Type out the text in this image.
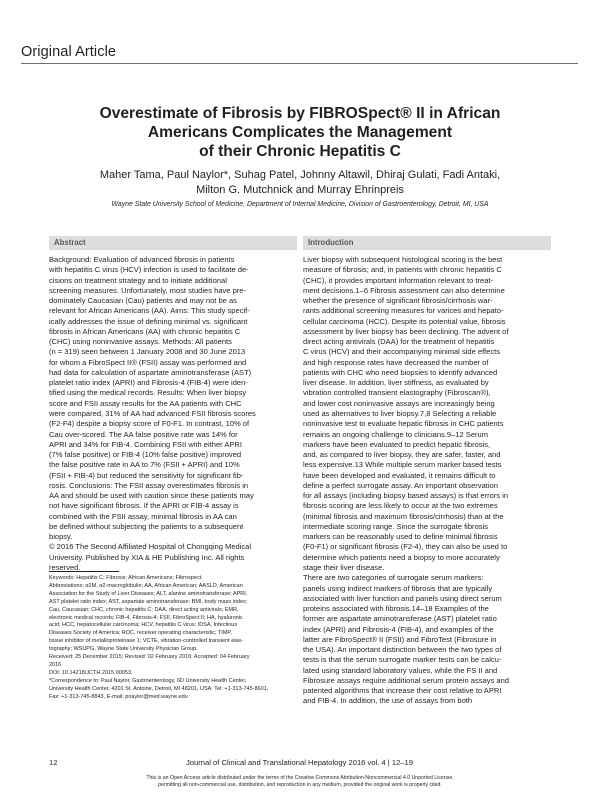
Original Article
Overestimate of Fibrosis by FIBROSpect® II in African
Americans Complicates the Management
of their Chronic Hepatitis C
Maher Tama, Paul Naylor*, Suhag Patel, Johnny Altawil, Dhiraj Gulati, Fadi Antaki,
Milton G. Mutchnick and Murray Ehrinpreis
Wayne State University School of Medicine, Department of Internal Medicine, Division of Gastroenterology, Detroit, MI, USA
Abstract	Introduction
Background: Evaluation of advanced fibrosis in patients
with hepatitis C virus (HCV) infection is used to facilitate de-
cisions on treatment strategy and to initiate additional
screening measures. Unfortunately, most studies have pre-
dominately Caucasian (Cau) patients and may not be as
relevant for African Americans (AA). Aims: This study specif-
ically addresses the issue of defining minimal vs. significant
fibrosis in African Americans (AA) with chronic hepatitis C
(CHC) using noninvasive assays. Methods: All patients
(n = 319) seen between 1 January 2008 and 30 June 2013
for whom a FibroSpect II® (FSII) assay was performed and
had data for calculation of aspartate aminotransferase (AST)
platelet ratio index (APRI) and Fibrosis-4 (FIB-4) were iden-
tified using the medical records. Results: When liver biopsy
score and FSII assay results for the AA patients with CHC
were compared, 31% of AA had advanced FSII fibrosis scores
(F2-F4) despite a biopsy score of F0-F1. In contrast, 10% of
Cau over-scored. The AA false positive rate was 14% for
APRI and 34% for FIB-4. Combining FSII with either APRI
(7% false positive) or FIB-4 (10% false positive) improved
the false positive rate in AA to 7% (FSII + APRI) and 10%
(FSII + FIB-4) but reduced the sensitivity for significant fib-
rosis. Conclusions: The FSII assay overestimates fibrosis in
AA and should be used with caution since these patients may
not have significant fibrosis. If the APRI or FIB-4 assay is
combined with the FSII assay, minimal fibrosis in AA can
be defined without subjecting the patients to a subsequent
biopsy.
© 2016 The Second Affiliated Hospital of Chongqing Medical
University. Published by XIA & HE Publishing Inc. All rights
reserved.
Liver biopsy with subsequent histological scoring is the best
measure of fibrosis; and, in patients with chronic hepatitis C
(CHC), it provides important information relevant to treat-
ment decisions.1–6 Fibrosis assessment can also determine
whether the presence of significant fibrosis/cirrhosis war-
rants additional screening measures for varices and hepato-
cellular carcinoma (HCC). Despite its potential value, fibrosis
assessment by liver biopsy has been declining. The advent of
direct acting antivirals (DAA) for the treatment of hepatitis
C virus (HCV) and their accompanying minimal side effects
and high response rates have decreased the number of
patients with CHC who need biopsies to identify advanced
liver disease. In addition, liver stiffness, as evaluated by
vibration controlled transient elastography (Fibroscan®),
and lower cost noninvasive assays are increasingly being
used as alternatives to liver biopsy.7,8 Selecting a reliable
noninvasive test to evaluate hepatic fibrosis in CHC patients
remains an ongoing challenge to clinicians.9–12 Serum
markers have been evaluated to predict hepatic fibrosis,
and, as compared to liver biopsy, they are safer, faster, and
less expensive.13 While multiple serum marker based tests
have been developed and evaluated, it remains difficult to
define a perfect surrogate assay. An important observation
for all assays (including biopsy based assays) is that errors in
fibrosis scoring are less likely to occur at the two extremes
(minimal fibrosis and maximum fibrosis/cirrhosis) than at the
intermediate scoring range. Since the surrogate fibrosis
markers can be reasonably used to define minimal fibrosis
(F0-F1) or significant fibrosis (F2-4), they can also be used to
determine which patients need a biopsy to more accurately
stage their liver disease.
There are two categories of surrogate serum markers:
panels using indirect markers of fibrosis that are typically
associated with liver function and panels using direct serum
proteins associated with fibrosis.14–18 Examples of the
former are aspartate aminotransferase (AST) platelet ratio
index (APRI) and Fibrosis-4 (FIB-4), and examples of the
latter are FibroSpect® II (FSII) and FibroTest (Fibrosure in
the USA). An important distinction between the two types of
tests is that the serum surrogate marker tests can be calcu-
lated using standard laboratory values, while the FS II and
Fibrosure assays require additional serum protein assays and
patented algorithms that increase their cost relative to APRI
and FIB-4. In addition, the use of assays from both
Keywords: Hepatitis C; Fibrosis; African Americans; Fibrospect.
Abbreviations: α2M, α2-macroglobulin; AA, African American; AASLD, American
Association for the Study of Liver Diseases; ALT, alanine aminotransferase; APRI,
AST platelet ratio index; AST, aspartate aminotransferase; BMI, body mass index;
Cau, Caucasian; CHC, chronic hepatitis C; DAA, direct acting antivirals; EMR,
electronic medical records; FIB-4, Fibrosis-4; FSII, FibroSpect II; HA, hyaluronic
acid; HCC, hepatocellular carcinoma; HCV, hepatitis C virus; IDSA, Infectious
Diseases Society of America; ROC, receiver operating characteristic; TIMP,
tissue inhibitor of metalloproteinase 1; VCTE, vibration-controlled transient elas-
tography; WSUPG, Wayne State University Physician Group.
Received: 25 December 2015; Revised: 02 February 2016; Accepted: 04 February
2016
DOI: 10.14218/JCTH.2015.00053.
*Correspondence to: Paul Naylor, Gastroenterology, 6D University Health Center,
University Health Center, 4201 St. Antoine, Detroit, MI 48201, USA. Tel: +1-313-745-8601,
Fax: +1-313-745-8843, E-mail: pnaylor@med.wayne.edu
12	Journal of Clinical and Translational Hepatology 2016 vol. 4 | 12–19
This is an Open Access article distributed under the terms of the Creative Commons Attribution-Noncommercial 4.0 Unported License,
permitting all non-commercial use, distribution, and reproduction in any medium, provided the original work is properly cited.
